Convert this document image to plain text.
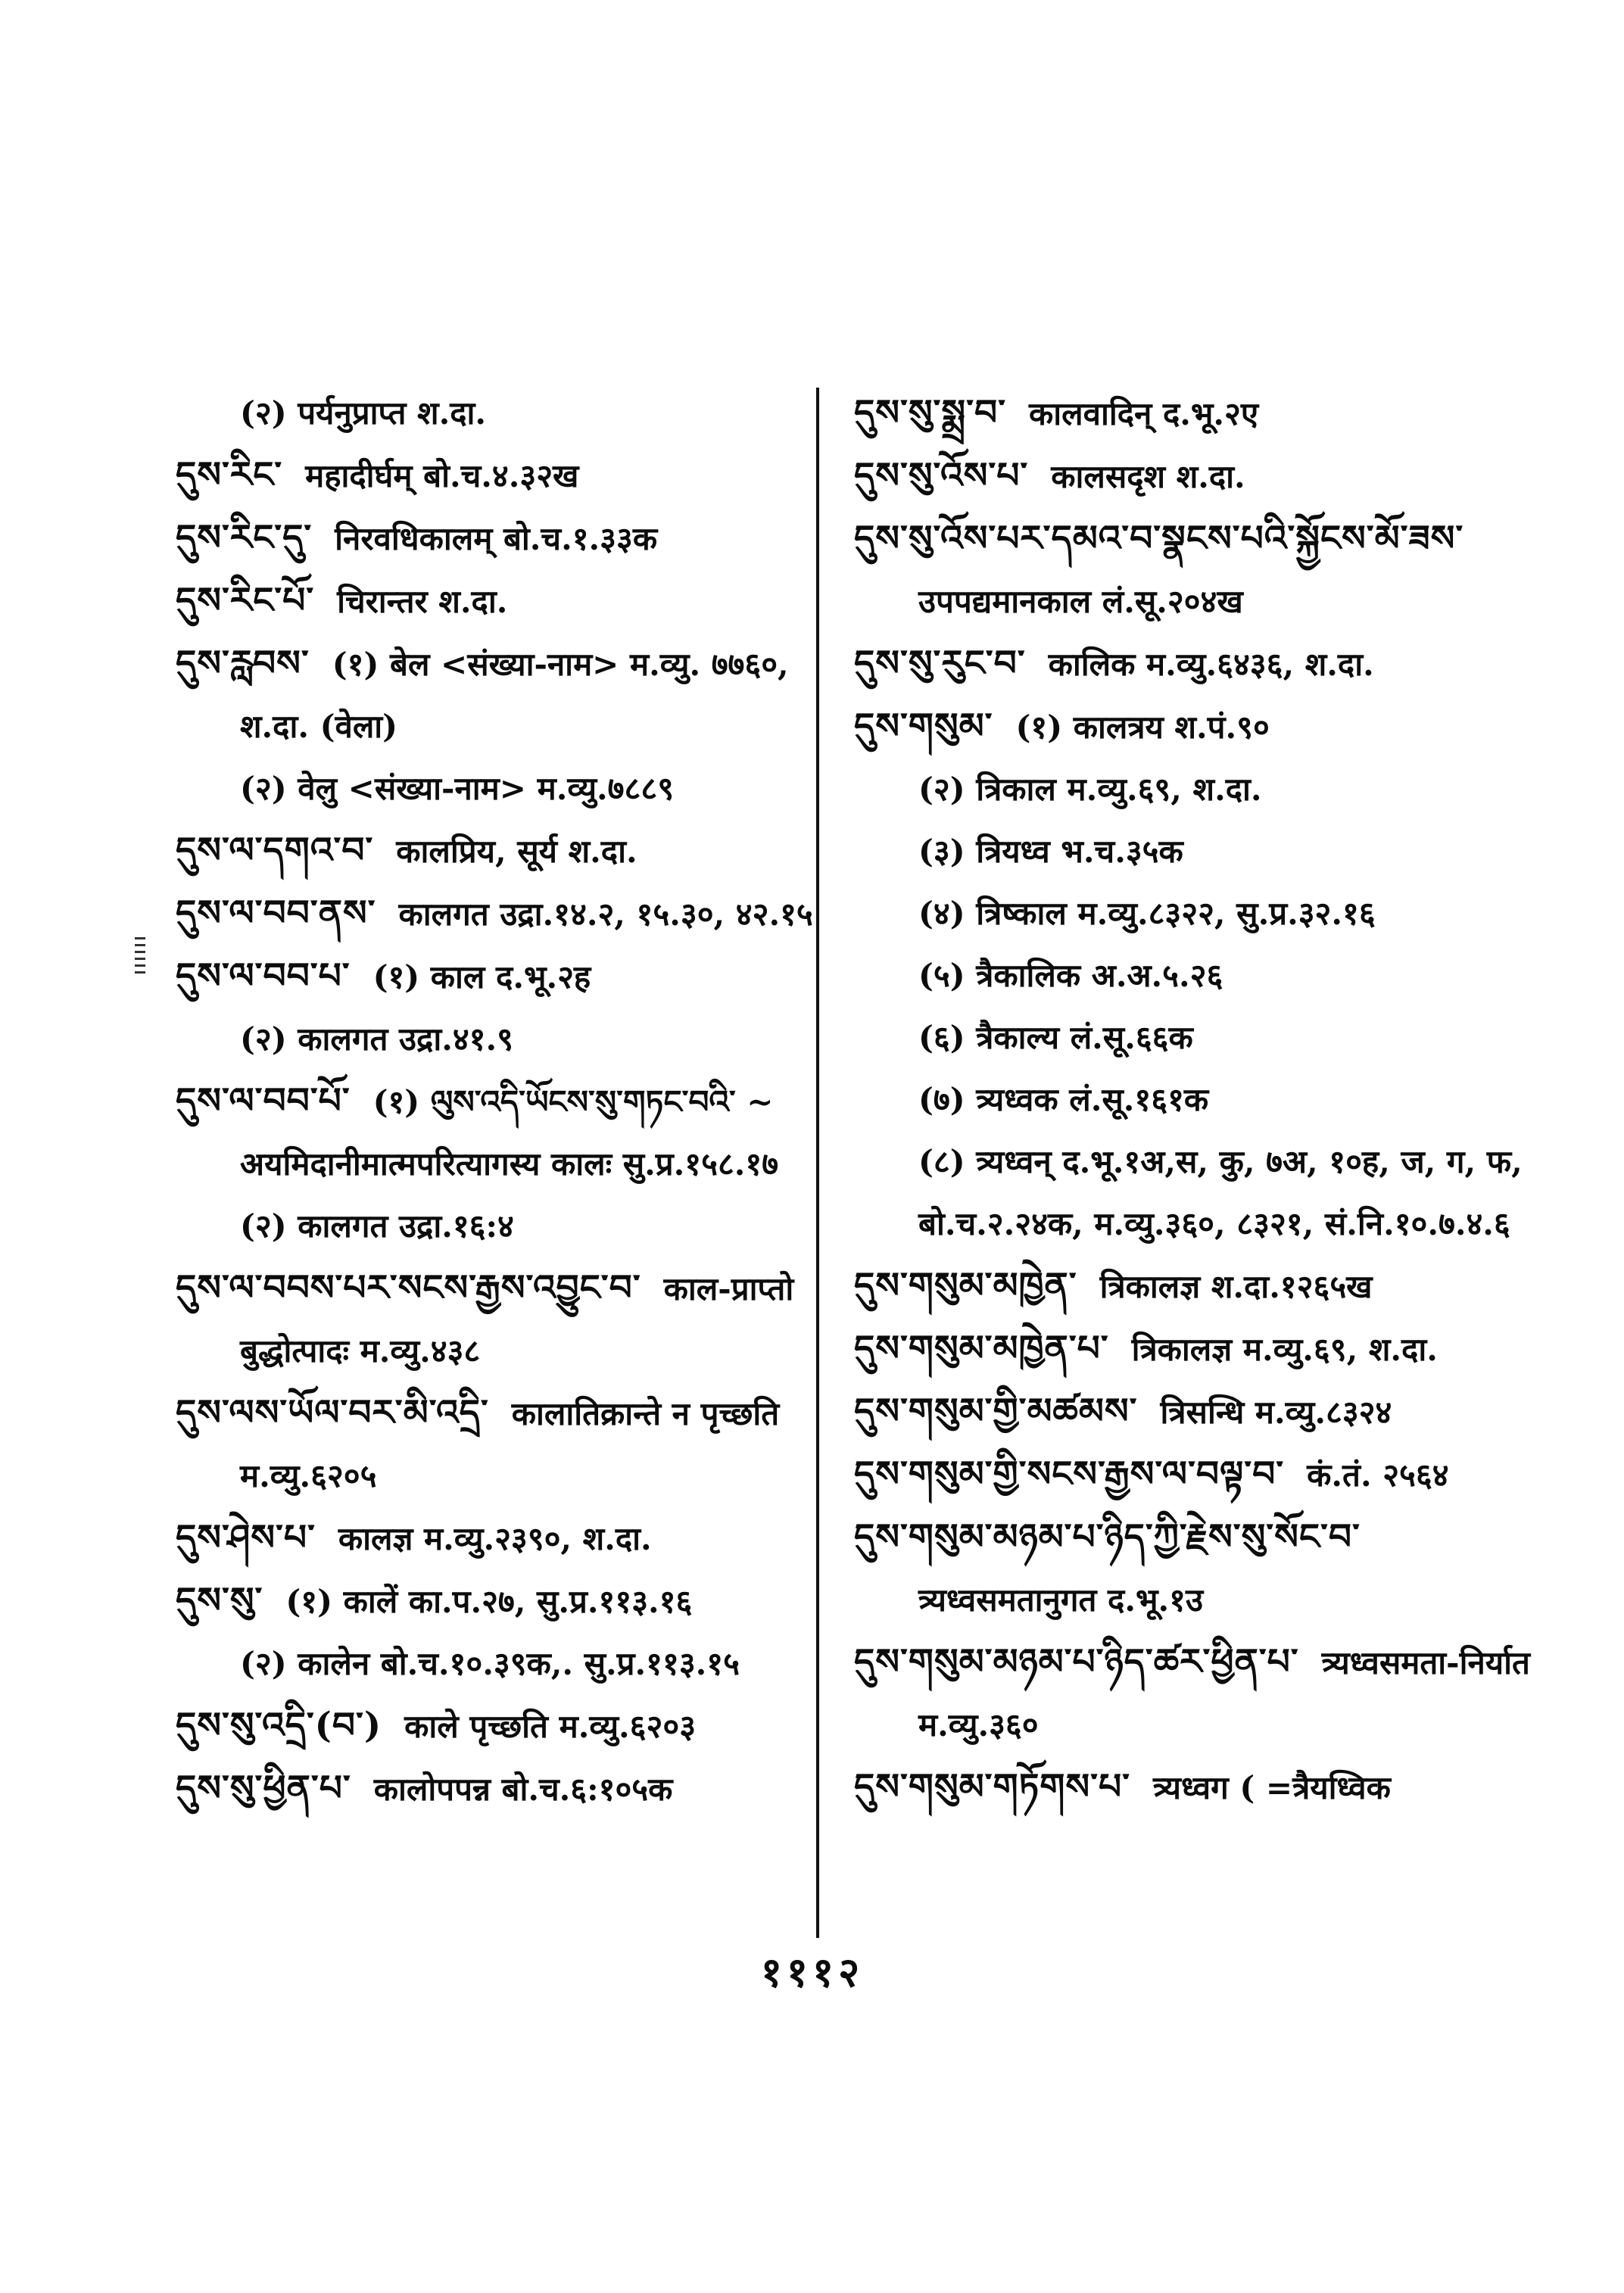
(२) पर्यनुप्राप्त श.दा.
དུས་རིང་ महादीर्घम् बो.च.४.३२ख
དུས་རིང་དུ་ निरवधिकालम् बो.च.१.३३क
དུས་རིང་པོ་ चिरान्तर श.दा.
དུས་རླབས་ (१) बेल <संख्या-नाम> म.व्यु. ७७६०, श.दा. (वेला)
(२) वेलु <संख्या-नाम> म.व्यु.७८८९
དུས་ལ་དགའ་བ་ कालप्रिय, सूर्य श.दा.
དུས་ལ་བབ་ནས་ कालगत उद्रा.१४.२, १५.३०, ४२.१५
དུས་ལ་བབ་པ་ (१) काल द.भू.२ह
(२) कालगत उद्रा.४१.९
དུས་ལ་བབ་པོ་ (१) ལུས་འདི་ཡོངས་སུ་གཏང་བའི་ ~ अयमिदानीमात्मपरित्यागस्य कालः सु.प्र.१५८.१७
(२) कालगत उद्रा.१६:४
དུས་ལ་བབས་པར་སངས་རྒྱས་འབྱུང་བ་ काल-प्राप्तो बुद्धोत्पादः म.व्यु.४३८
དུས་ལས་ཡོལ་བར་མི་འདྲི་ कालातिक्रान्ते न पृच्छति म.व्यु.६२०५
དུས་ཤེས་པ་ कालज्ञ म.व्यु.२३९०, श.दा.
དུས་སུ་ (१) कालें का.प.२७, सु.प्र.११३.१६
(२) कालेन बो.च.१०.३९क,. सु.प्र.११३.१५
དུས་སུ་འདྲི་(བ་) काले पृच्छति म.व्यु.६२०३
དུས་སུ་ཕྱིན་པ་ कालोपपन्न बो.च.६:१०५क
དུས་སུ་སྨྲ་བ་ कालवादिन् द.भू.२ए
དུས་སུ་འོས་པ་ कालसदृश श.दा.
དུས་སུ་འོས་པར་དམའ་བ་སྣངས་པའི་སྐྱོངས་མོ་ཟས་उपपद्यमानकाल लं.सू.२०४ख
དུས་སུ་རུང་བ་ कालिक म.व्यु.६४३६, श.दा.
དུས་གསུམ་ (१) कालत्रय श.पं.९०
(२) त्रिकाल म.व्यु.६९, श.दा.
(३) त्रियध्व भ.च.३५क
(४) त्रिष्काल म.व्यु.८३२२, सु.प्र.३२.१६
(५) त्रैकालिक अ.अ.५.२६
(६) त्रैकाल्य लं.सू.६६क
(७) त्र्यध्वक लं.सू.१६१क
(८) त्र्यध्वन् द.भू.१अ,स, कु, ७अ, १०ह, ज, ग, फ, बो.च.२.२४क, म.व्यु.३६०, ८३२१, सं.नि.१०.७.४.६
དུས་གསུམ་མཁྱེན་ त्रिकालज्ञ श.दा.१२६५ख
དུས་གསུམ་མཁྱེན་པ་ त्रिकालज्ञ म.व्यु.६९, श.दा.
དུས་གསུམ་གྱི་མཚམས་ त्रिसन्धि म.व्यु.८३२४
དུས་གསུམ་གྱི་སངས་རྒྱས་ལ་བལྟ་བ་ कं.तं. २५६४
དུས་གསུམ་མཉམ་པ་ཉིད་ཀྱི་རྗེས་སུ་སོང་བ་त्र्यध्वसमतानुगत द.भू.१उ
དུས་གསུམ་མཉམ་པ་ཉིད་ཚར་ཕྱིན་པ་ त्र्यध्वसमता-निर्यात म.व्यु.३६०
དུས་གསུམ་གཏོགས་པ་ त्र्यध्वग ( =त्रैयध्विक
१११२
